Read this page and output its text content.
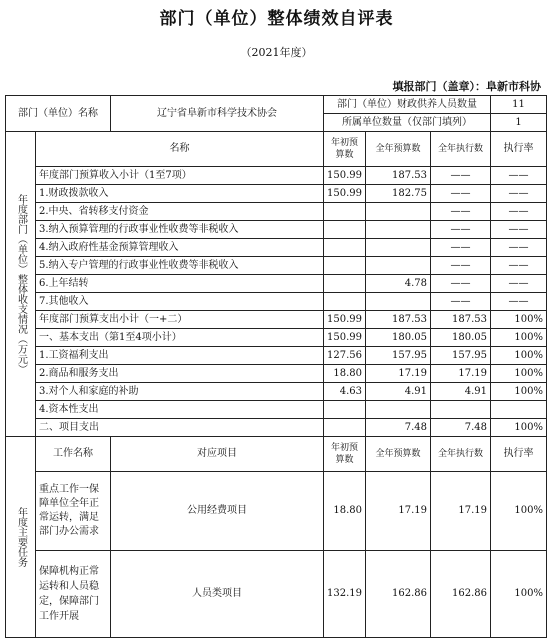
部门（单位）整体绩效自评表
（2021年度）
填报部门（盖章）：阜新市科协
部门（单位）名称		辽宁省阜新市科学技术协会	部门（单位）财政供养人员数量			11
			所属单位数量（仅部门填列）			1
年度部门（单位）整体收支情况（万元）	名称		年初预算数	全年预算数	全年执行数	执行率
	年度部门预算收入小计（1至7项）		150.99	187.53	——	——
	1.财政拨款收入		150.99	182.75	——	——
	2.中央、省转移支付资金				——	——
	3.纳入预算管理的行政事业性收费等非税收入				——	——
	4.纳入政府性基金预算管理收入				——	——
	5.纳入专户管理的行政事业性收费等非税收入				——	——
	6.上年结转			4.78	——	——
	7.其他收入				——	——
	年度部门预算支出小计（一+二）		150.99	187.53	187.53	100%
	一、基本支出（第1至4项小计）		150.99	180.05	180.05	100%
	1.工资福利支出		127.56	157.95	157.95	100%
	2.商品和服务支出		18.80	17.19	17.19	100%
	3.对个人和家庭的补助		4.63	4.91	4.91	100%
	4.资本性支出					
	二、项目支出			7.48	7.48	100%
年度主要任务	工作名称	对应项目	年初预算数	全年预算数	全年执行数	执行率
	重点工作一保障单位全年正常运转，满足部门办公需求	公用经费项目	18.80	17.19	17.19	100%
	保障机构正常运转和人员稳定，保障部门工作开展	人员类项目	132.19	162.86	162.86	100%
